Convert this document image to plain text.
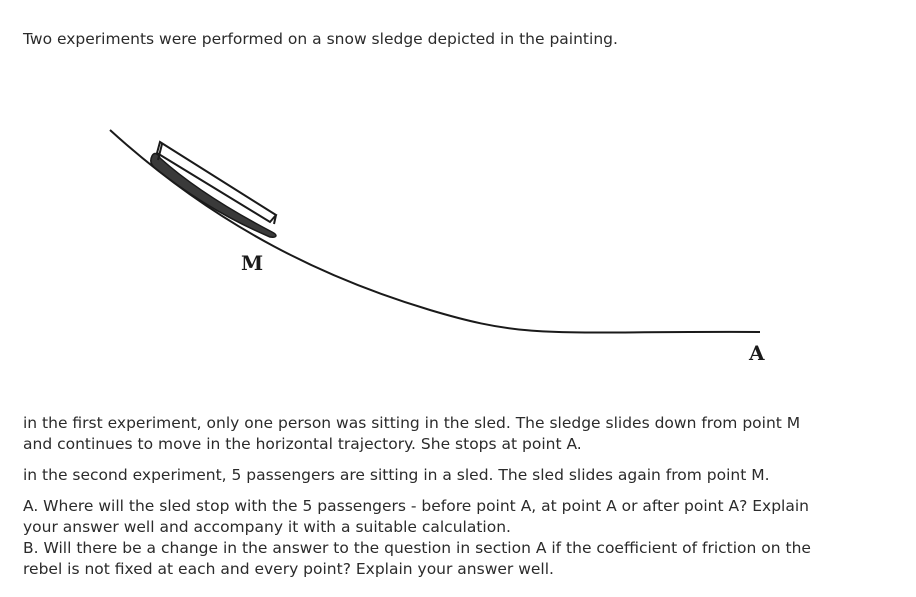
Two experiments were performed on a snow sledge depicted in the painting.
M
A
in the first experiment, only one person was sitting in the sled. The sledge slides down from point M
and continues to move in the horizontal trajectory. She stops at point A.
in the second experiment, 5 passengers are sitting in a sled. The sled slides again from point M.
A. Where will the sled stop with the 5 passengers - before point A, at point A or after point A? Explain
your answer well and accompany it with a suitable calculation.
B. Will there be a change in the answer to the question in section A if the coefficient of friction on the
rebel is not fixed at each and every point? Explain your answer well.
